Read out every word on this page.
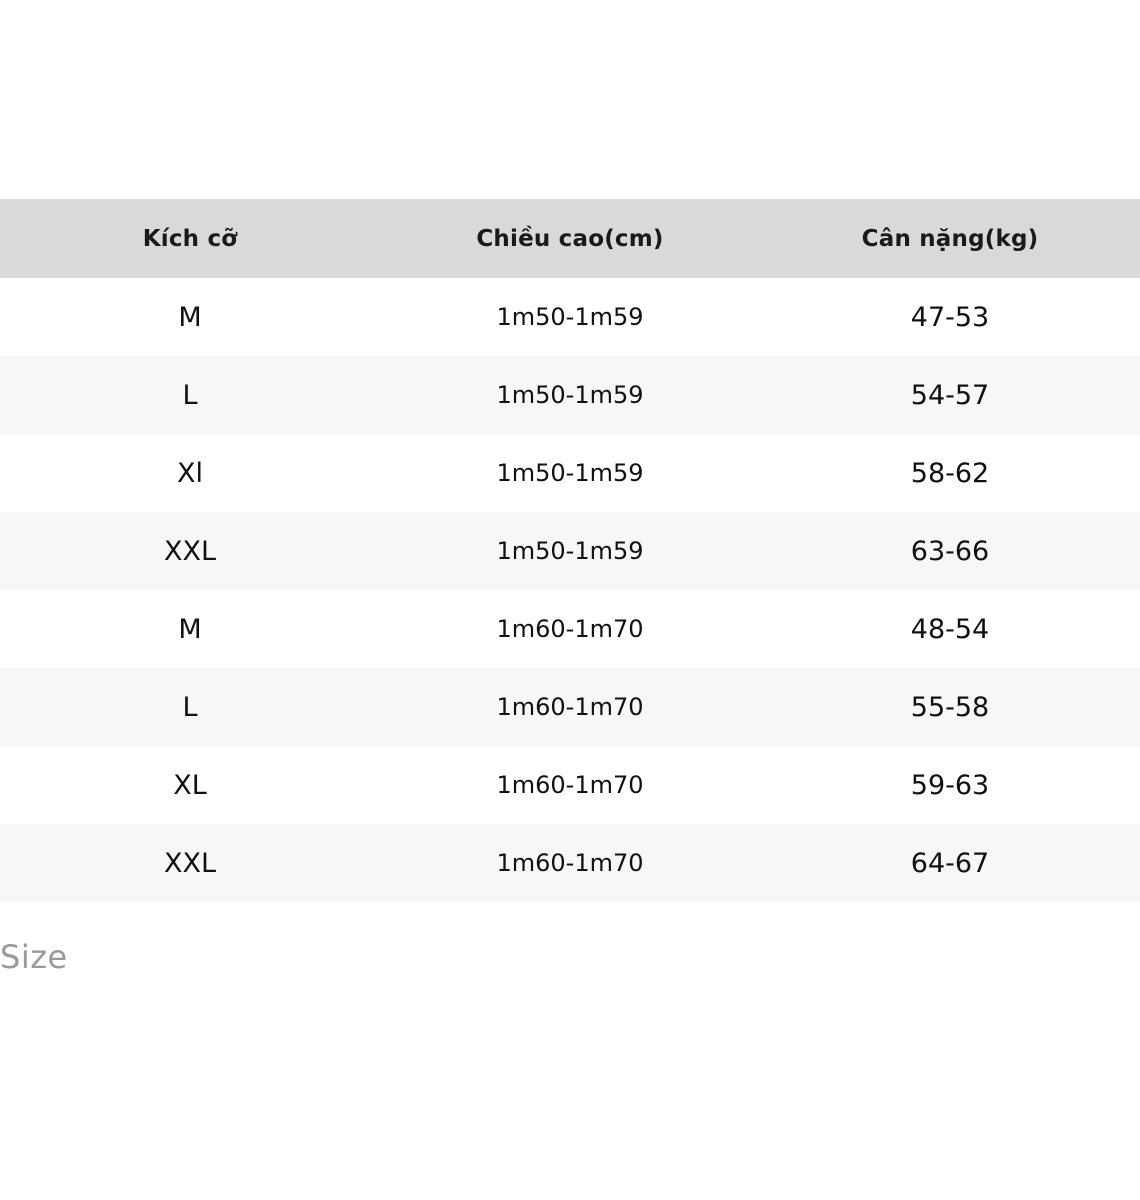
Kích cỡ	Chiều cao(cm)	Cân nặng(kg)
M	1m50-1m59	47-53
L	1m50-1m59	54-57
Xl	1m50-1m59	58-62
XXL	1m50-1m59	63-66
M	1m60-1m70	48-54
L	1m60-1m70	55-58
XL	1m60-1m70	59-63
XXL	1m60-1m70	64-67
Size
